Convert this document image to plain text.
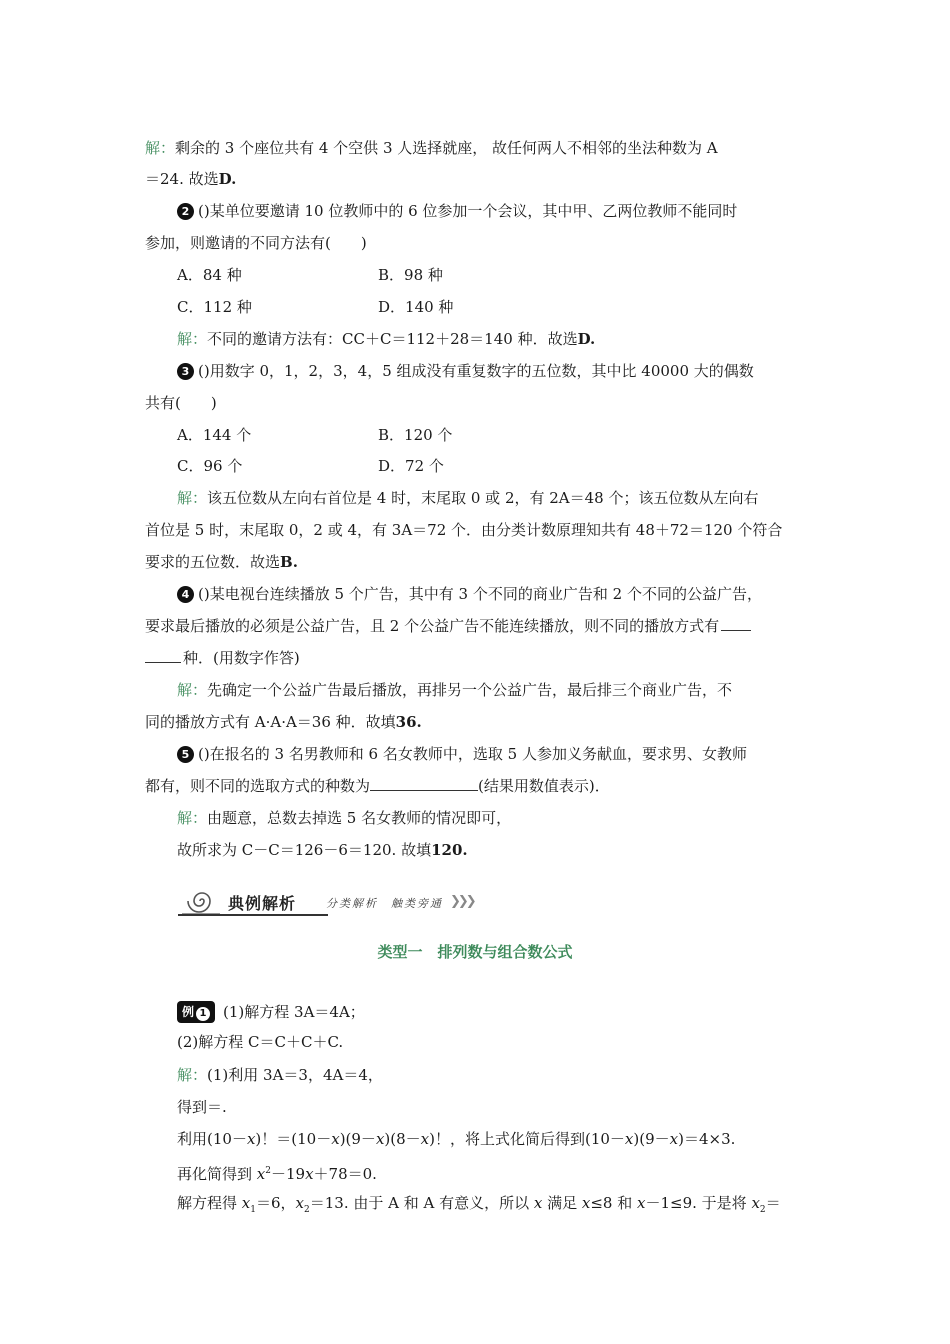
解：剩余的 3 个座位共有 4 个空供 3 人选择就座， 故任何两人不相邻的坐法种数为 A
＝24. 故选D.
2 ()某单位要邀请 10 位教师中的 6 位参加一个会议，其中甲、乙两位教师不能同时
参加，则邀请的不同方法有(　　)
A．84 种	B．98 种
C．112 种	D．140 种
解：不同的邀请方法有：CC＋C＝112＋28＝140 种．故选D.
3 ()用数字 0，1，2，3，4，5 组成没有重复数字的五位数，其中比 40000 大的偶数
共有(　　)
A．144 个	B．120 个
C．96 个	D．72 个
解：该五位数从左向右首位是 4 时，末尾取 0 或 2，有 2A＝48 个；该五位数从左向右
首位是 5 时，末尾取 0，2 或 4，有 3A＝72 个．由分类计数原理知共有 48＋72＝120 个符合
要求的五位数．故选B.
4 ()某电视台连续播放 5 个广告，其中有 3 个不同的商业广告和 2 个不同的公益广告，
要求最后播放的必须是公益广告，且 2 个公益广告不能连续播放，则不同的播放方式有
种．(用数字作答)
解：先确定一个公益广告最后播放，再排另一个公益广告，最后排三个商业广告，不
同的播放方式有 A·A·A＝36 种．故填36.
5 ()在报名的 3 名男教师和 6 名女教师中，选取 5 人参加义务献血，要求男、女教师
都有，则不同的选取方式的种数为	(结果用数值表示)．
解：由题意，总数去掉选 5 名女教师的情况即可，
故所求为 C－C＝126－6＝120. 故填120.
典例解析	分类解析　触类旁通 ❯❯❯
类型一　排列数与组合数公式
例 1 (1)解方程 3A＝4A；
(2)解方程 C＝C＋C＋C.
解：(1)利用 3A＝3，4A＝4，
得到＝.
利用(10－x)！＝(10－x)(9－x)(8－x)！，将上式化简后得到(10－x)(9－x)＝4×3.
再化简得到 $x^2-19x+78=0$.
解方程得 $x_1=6$，$x_2=13$. 由于 A 和 A 有意义，所以 x 满足 x≤8 和 x－1≤9. 于是将 $x_2=$
